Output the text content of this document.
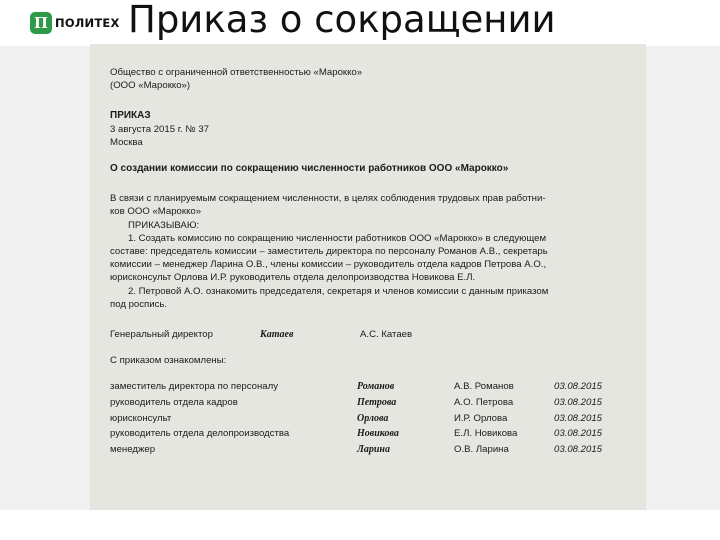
П ПОЛИТЕХ Приказ о сокращении

Общество с ограниченной ответственностью «Марокко»

(ООО «Марокко»)

ПРИКАЗ

3 августа 2015 г. № 37

Москва

О создании комиссии по сокращению численности работников ООО «Марокко»

В связи с планируемым сокращением численности, в целях соблюдения трудовых прав работни-

ков ООО «Марокко»

ПРИКАЗЫВАЮ:

1. Создать комиссию по сокращению численности работников ООО «Марокко» в следующем

составе: председатель комиссии – заместитель директора по персоналу Романов А.В., секретарь

комиссии – менеджер Ларина О.В., члены комиссии – руководитель отдела кадров Петрова А.О.,

юрисконсульт Орлова И.Р. руководитель отдела делопроизводства Новикова Е.Л.

2. Петровой А.О. ознакомить председателя, секретаря и членов комиссии с данным приказом

под роспись.

Генеральный директор	Катаев	А.С. Катаев

С приказом ознакомлены:

заместитель директора по персоналу	Романов	А.В. Романов	03.08.2015
руководитель отдела кадров	Петрова	А.О. Петрова	03.08.2015
юрисконсульт	Орлова	И.Р. Орлова	03.08.2015
руководитель отдела делопроизводства	Новикова	Е.Л. Новикова	03.08.2015
менеджер	Ларина	О.В. Ларина	03.08.2015
